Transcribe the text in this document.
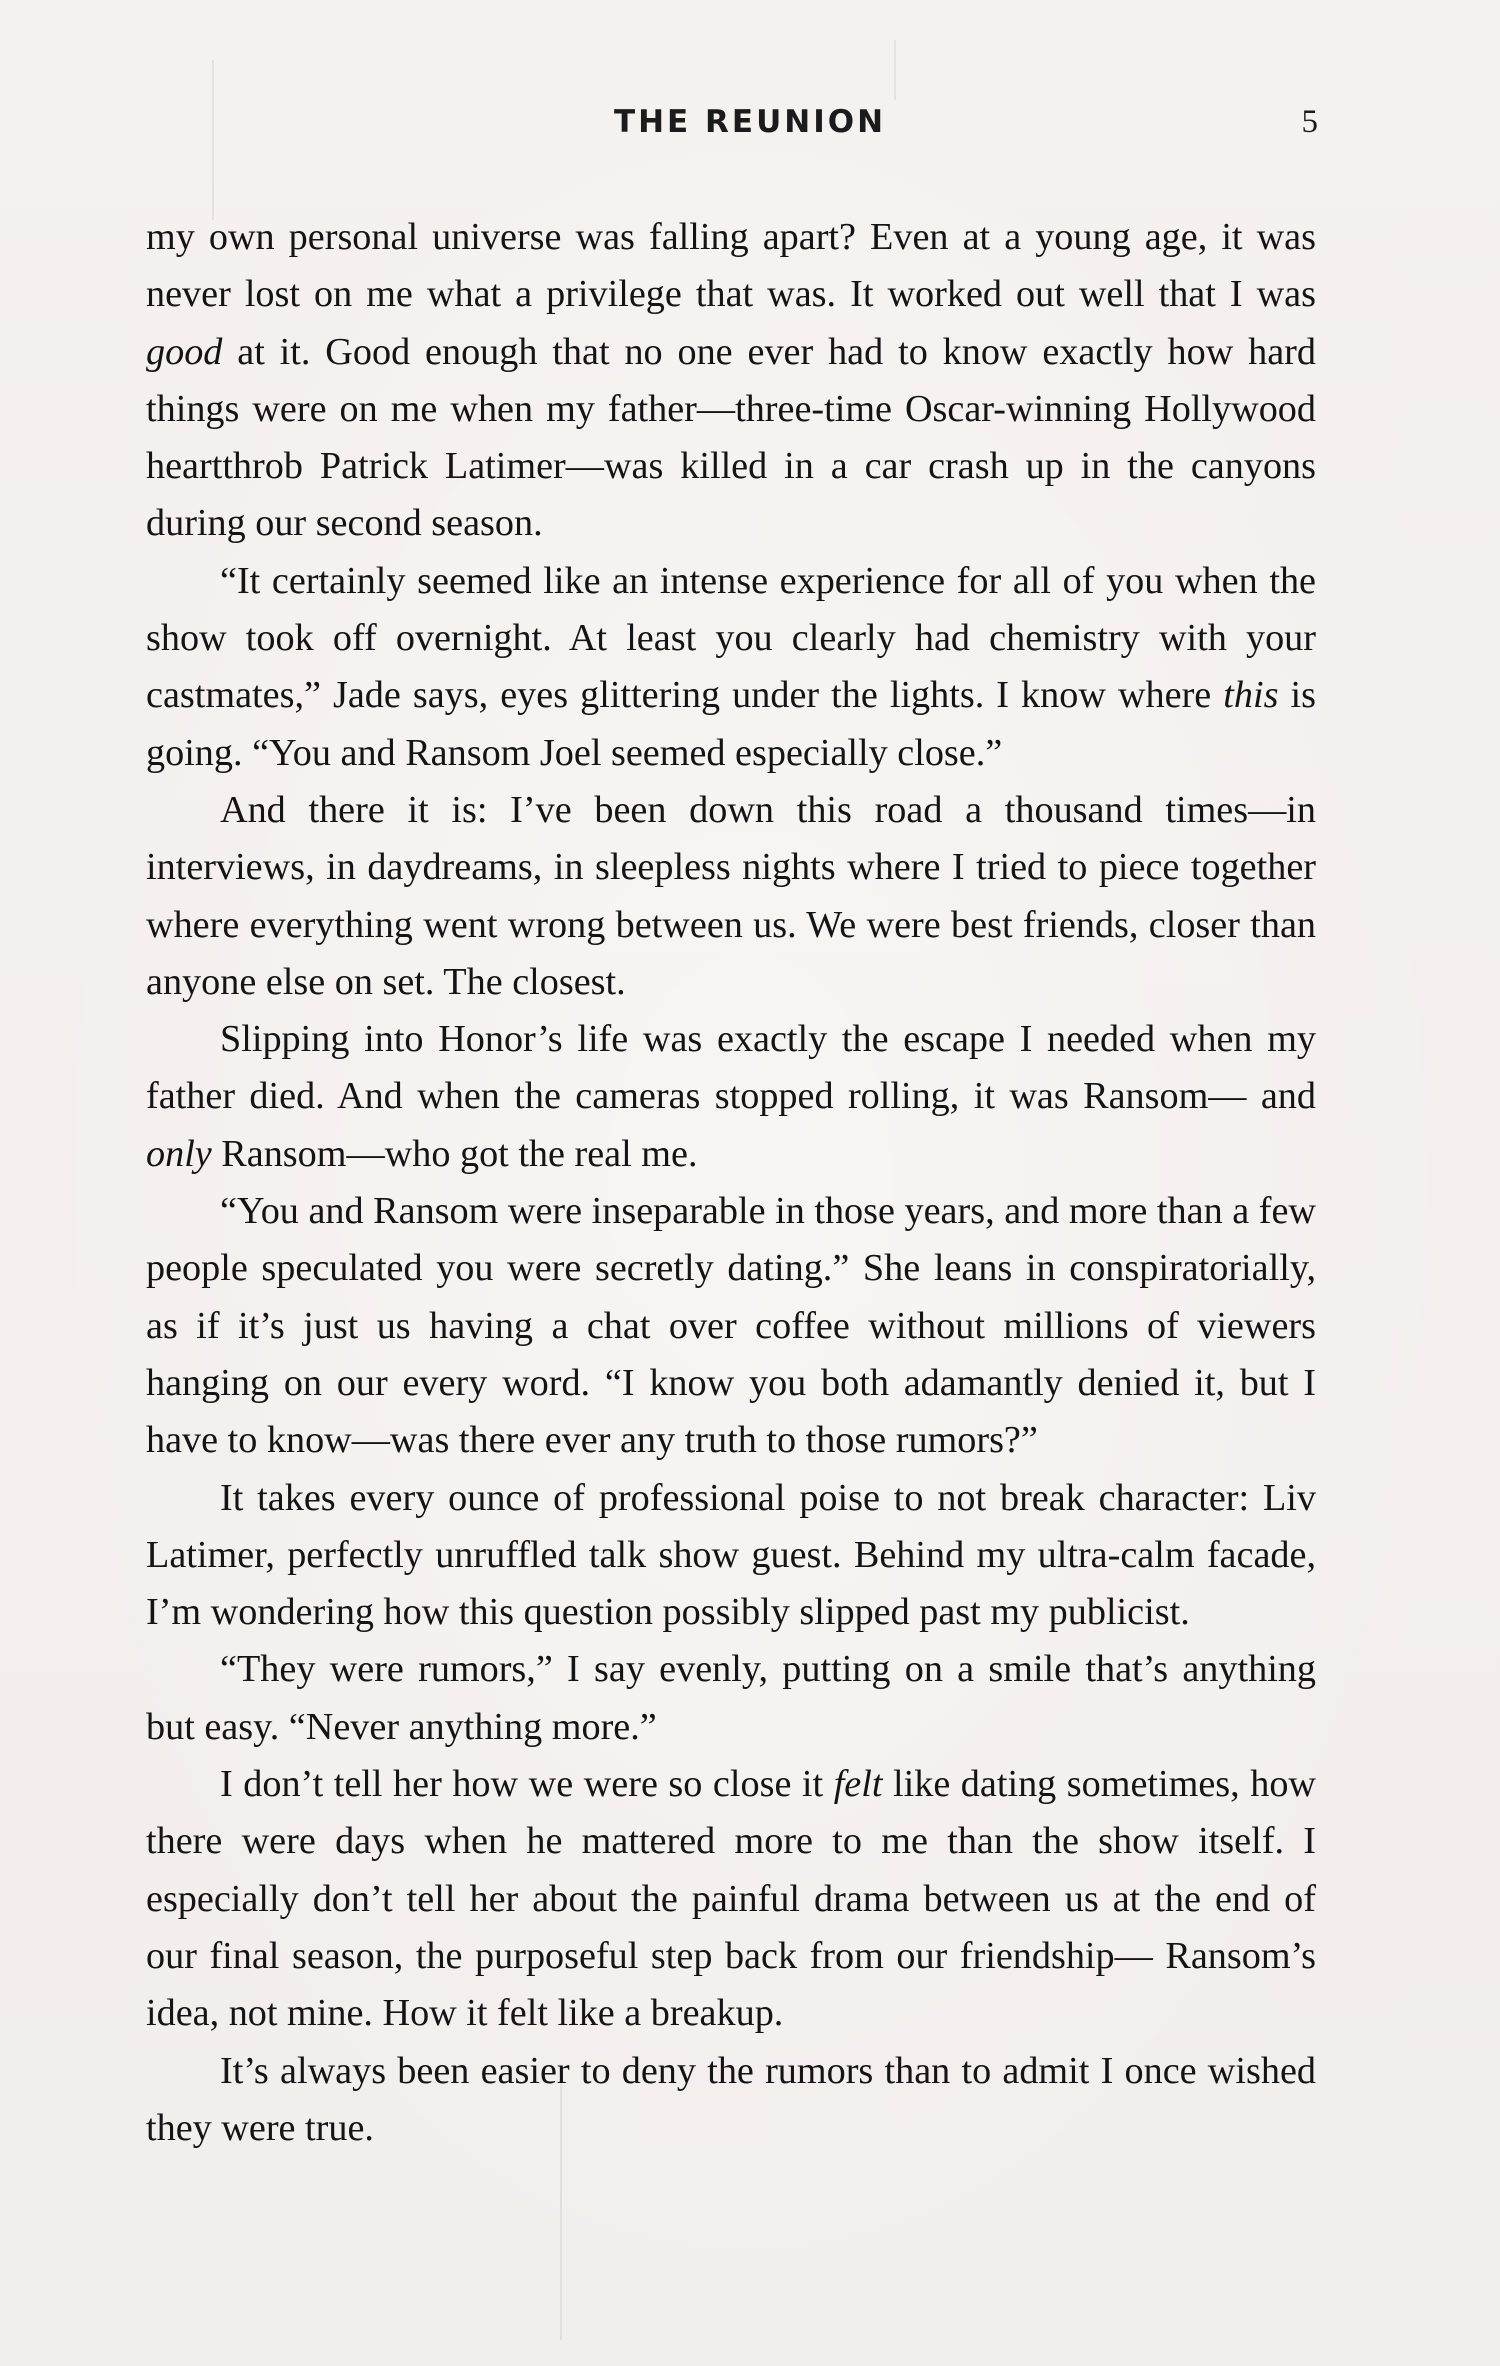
THE REUNION	5

my own personal universe was falling apart? Even at a young age, it was never lost on me what a privilege that was. It worked out well that I was good at it. Good enough that no one ever had to know exactly how hard things were on me when my father—three-time Oscar-winning Hollywood heartthrob Patrick Latimer—was killed in a car crash up in the canyons during our second season.

“It certainly seemed like an intense experience for all of you when the show took off overnight. At least you clearly had chemistry with your castmates,” Jade says, eyes glittering under the lights. I know where this is going. “You and Ransom Joel seemed especially close.”

And there it is: I’ve been down this road a thousand times—in interviews, in daydreams, in sleepless nights where I tried to piece together where everything went wrong between us. We were best friends, closer than anyone else on set. The closest.

Slipping into Honor’s life was exactly the escape I needed when my father died. And when the cameras stopped rolling, it was Ransom— and only Ransom—who got the real me.

“You and Ransom were inseparable in those years, and more than a few people speculated you were secretly dating.” She leans in conspiratorially, as if it’s just us having a chat over coffee without millions of viewers hanging on our every word. “I know you both adamantly denied it, but I have to know—was there ever any truth to those rumors?”

It takes every ounce of professional poise to not break character: Liv Latimer, perfectly unruffled talk show guest. Behind my ultra-calm facade, I’m wondering how this question possibly slipped past my publicist.

“They were rumors,” I say evenly, putting on a smile that’s anything but easy. “Never anything more.”

I don’t tell her how we were so close it felt like dating sometimes, how there were days when he mattered more to me than the show itself. I especially don’t tell her about the painful drama between us at the end of our final season, the purposeful step back from our friendship— Ransom’s idea, not mine. How it felt like a breakup.

It’s always been easier to deny the rumors than to admit I once wished they were true.
